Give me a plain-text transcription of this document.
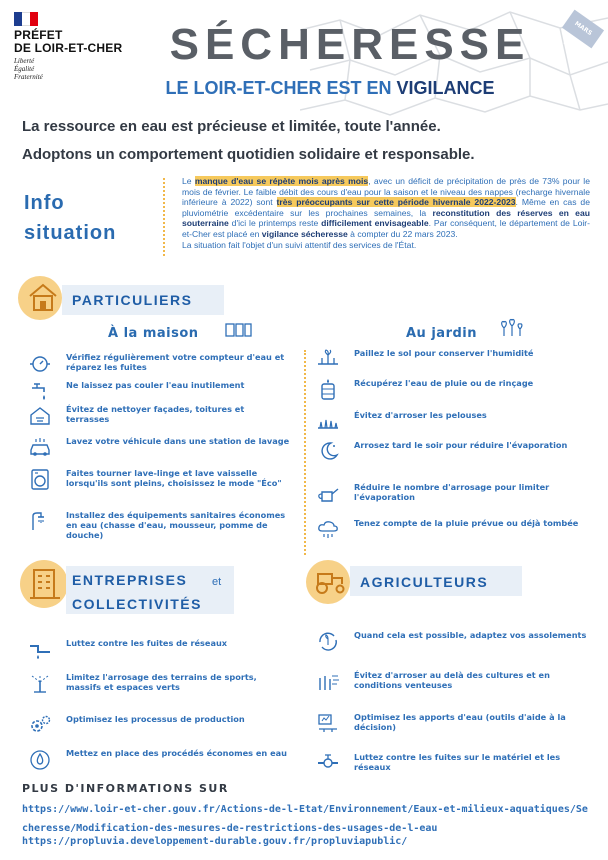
PRÉFET
DE LOIR-ET-CHER
Liberté
Égalité
Fraternité
MARS 2023
SÉCHERESSE
LE LOIR-ET-CHER EST EN VIGILANCE
La ressource en eau est précieuse et limitée, toute l'année.
Adoptons un comportement quotidien solidaire et responsable.
Info
situation
Le manque d'eau se répète mois après mois, avec un déficit de précipitation de près de 73% pour le mois de février. Le faible débit des cours d'eau pour la saison et le niveau des nappes (recharge hivernale inférieure à 2022) sont très préoccupants sur cette période hivernale 2022-2023. Même en cas de pluviométrie excédentaire sur les prochaines semaines, la reconstitution des réserves en eau souterraine d'ici le printemps reste difficilement envisageable. Par conséquent, le département de Loir-et-Cher est placé en vigilance sécheresse à compter du 22 mars 2023.
La situation fait l'objet d'un suivi attentif des services de l'État.
PARTICULIERS
À la maison	Au jardin
Vérifiez régulièrement votre compteur d'eau et réparez les fuites
Ne laissez pas couler l'eau inutilement
Évitez de nettoyer façades, toitures et terrasses
Lavez votre véhicule dans une station de lavage
Faites tourner lave-linge et lave vaisselle lorsqu'ils sont pleins, choisissez le mode "Éco"
Installez des équipements sanitaires économes en eau (chasse d'eau, mousseur, pomme de douche)
Paillez le sol pour conserver l'humidité
Récupérez l'eau de pluie ou de rinçage
Évitez d'arroser les pelouses
Arrosez tard le soir pour réduire l'évaporation
Réduire le nombre d'arrosage pour limiter l'évaporation
Tenez compte de la pluie prévue ou déjà tombée
ENTREPRISES et
COLLECTIVITÉS
AGRICULTEURS
Luttez contre les fuites de réseaux
Limitez l'arrosage des terrains de sports, massifs et espaces verts
Optimisez les processus de production
Mettez en place des procédés économes en eau
Quand cela est possible, adaptez vos assolements
Évitez d'arroser au delà des cultures et en conditions venteuses
Optimisez les apports d'eau (outils d'aide à la décision)
Luttez contre les fuites sur le matériel et les réseaux
PLUS D'INFORMATIONS SUR
https://www.loir-et-cher.gouv.fr/Actions-de-l-Etat/Environnement/Eaux-et-milieux-aquatiques/Secheresse/Modification-des-mesures-de-restrictions-des-usages-de-l-eau
https://propluvia.developpement-durable.gouv.fr/propluviapublic/
